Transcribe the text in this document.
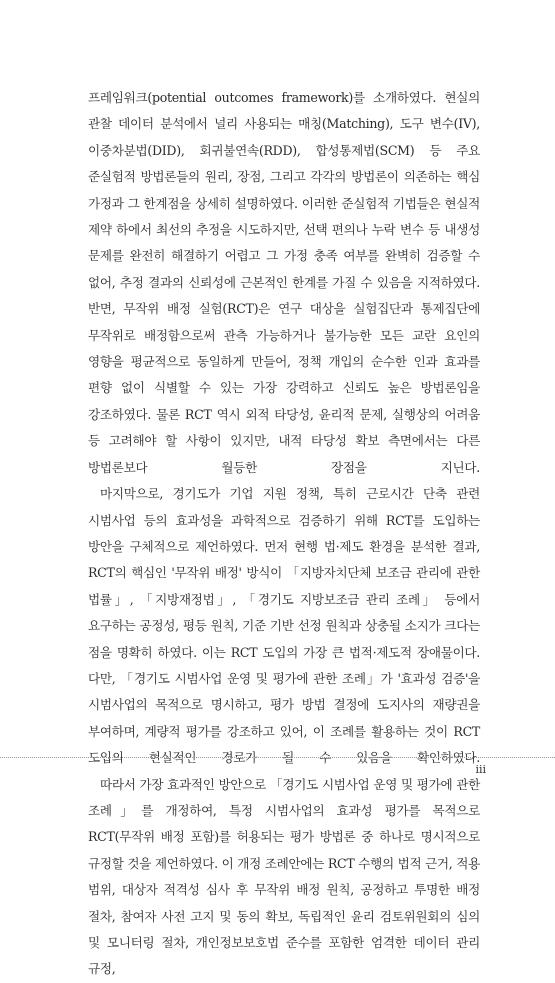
프레임워크(potential outcomes framework)를 소개하였다. 현실의 관찰 데이터 분석에서 널리 사용되는 매칭(Matching), 도구 변수(IV), 이중차분법(DID), 회귀불연속(RDD), 합성통제법(SCM) 등 주요 준실험적 방법론들의 원리, 장점, 그리고 각각의 방법론이 의존하는 핵심 가정과 그 한계점을 상세히 설명하였다. 이러한 준실험적 기법들은 현실적 제약 하에서 최선의 추정을 시도하지만, 선택 편의나 누락 변수 등 내생성 문제를 완전히 해결하기 어렵고 그 가정 충족 여부를 완벽히 검증할 수 없어, 추정 결과의 신뢰성에 근본적인 한계를 가질 수 있음을 지적하였다. 반면, 무작위 배정 실험(RCT)은 연구 대상을 실험집단과 통제집단에 무작위로 배정함으로써 관측 가능하거나 불가능한 모든 교란 요인의 영향을 평균적으로 동일하게 만들어, 정책 개입의 순수한 인과 효과를 편향 없이 식별할 수 있는 가장 강력하고 신뢰도 높은 방법론임을 강조하였다. 물론 RCT 역시 외적 타당성, 윤리적 문제, 실행상의 어려움 등 고려해야 할 사항이 있지만, 내적 타당성 확보 측면에서는 다른 방법론보다 월등한 장점을 지닌다.

마지막으로, 경기도가 기업 지원 정책, 특히 근로시간 단축 관련 시범사업 등의 효과성을 과학적으로 검증하기 위해 RCT를 도입하는 방안을 구체적으로 제언하였다. 먼저 현행 법·제도 환경을 분석한 결과, RCT의 핵심인 '무작위 배정' 방식이 「지방자치단체 보조금 관리에 관한 법률」, 「지방재정법」, 「경기도 지방보조금 관리 조례」 등에서 요구하는 공정성, 평등 원칙, 기준 기반 선정 원칙과 상충될 소지가 크다는 점을 명확히 하였다. 이는 RCT 도입의 가장 큰 법적·제도적 장애물이다. 다만, 「경기도 시범사업 운영 및 평가에 관한 조례」가 '효과성 검증'을 시범사업의 목적으로 명시하고, 평가 방법 결정에 도지사의 재량권을 부여하며, 계량적 평가를 강조하고 있어, 이 조례를 활용하는 것이 RCT 도입의 현실적인 경로가 될 수 있음을 확인하였다.

따라서 가장 효과적인 방안으로 「경기도 시범사업 운영 및 평가에 관한 조례」를 개정하여, 특정 시범사업의 효과성 평가를 목적으로 RCT(무작위 배정 포함)를 허용되는 평가 방법론 중 하나로 명시적으로 규정할 것을 제언하였다. 이 개정 조례안에는 RCT 수행의 법적 근거, 적용 범위, 대상자 적격성 심사 후 무작위 배정 원칙, 공정하고 투명한 배정 절차, 참여자 사전 고지 및 동의 확보, 독립적인 윤리 검토위원회의 심의 및 모니터링 절차, 개인정보보호법 준수를 포함한 엄격한 데이터 관리 규정,

iii
